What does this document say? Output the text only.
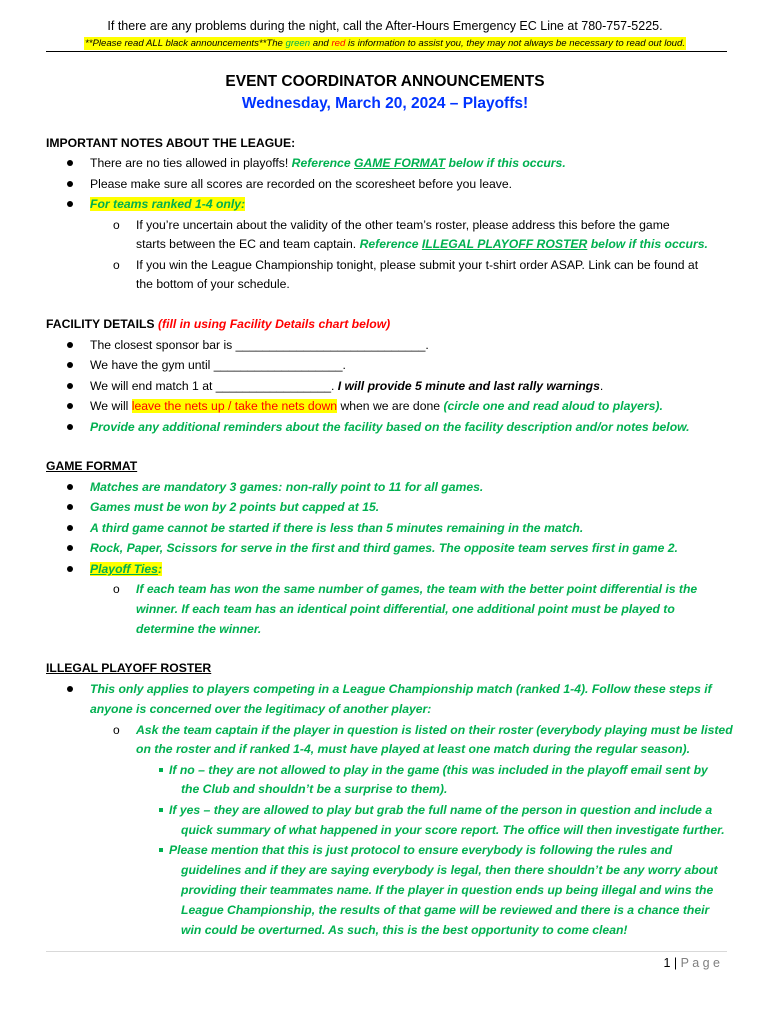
If there are any problems during the night, call the After-Hours Emergency EC Line at 780-757-5225.
**Please read ALL black announcements**The green and red is information to assist you, they may not always be necessary to read out loud.
EVENT COORDINATOR ANNOUNCEMENTS
Wednesday, March 20, 2024 – Playoffs!
IMPORTANT NOTES ABOUT THE LEAGUE:
There are no ties allowed in playoffs! Reference GAME FORMAT below if this occurs.
Please make sure all scores are recorded on the scoresheet before you leave.
For teams ranked 1-4 only:
o If you’re uncertain about the validity of the other team’s roster, please address this before the game
starts between the EC and team captain. Reference ILLEGAL PLAYOFF ROSTER below if this occurs.
o If you win the League Championship tonight, please submit your t-shirt order ASAP. Link can be found at
the bottom of your schedule.
FACILITY DETAILS (fill in using Facility Details chart below)
The closest sponsor bar is ____________________________.
We have the gym until ___________________.
We will end match 1 at _________________. I will provide 5 minute and last rally warnings.
We will leave the nets up / take the nets down when we are done (circle one and read aloud to players).
Provide any additional reminders about the facility based on the facility description and/or notes below.
GAME FORMAT
Matches are mandatory 3 games: non-rally point to 11 for all games.
Games must be won by 2 points but capped at 15.
A third game cannot be started if there is less than 5 minutes remaining in the match.
Rock, Paper, Scissors for serve in the first and third games. The opposite team serves first in game 2.
Playoff Ties:
o If each team has won the same number of games, the team with the better point differential is the
winner. If each team has an identical point differential, one additional point must be played to
determine the winner.
ILLEGAL PLAYOFF ROSTER
This only applies to players competing in a League Championship match (ranked 1-4). Follow these steps if
anyone is concerned over the legitimacy of another player:
o Ask the team captain if the player in question is listed on their roster (everybody playing must be listed
on the roster and if ranked 1-4, must have played at least one match during the regular season).
If no – they are not allowed to play in the game (this was included in the playoff email sent by
the Club and shouldn’t be a surprise to them).
If yes – they are allowed to play but grab the full name of the person in question and include a
quick summary of what happened in your score report. The office will then investigate further.
Please mention that this is just protocol to ensure everybody is following the rules and
guidelines and if they are saying everybody is legal, then there shouldn’t be any worry about
providing their teammates name. If the player in question ends up being illegal and wins the
League Championship, the results of that game will be reviewed and there is a chance their
win could be overturned. As such, this is the best opportunity to come clean!
1 | P a g e
